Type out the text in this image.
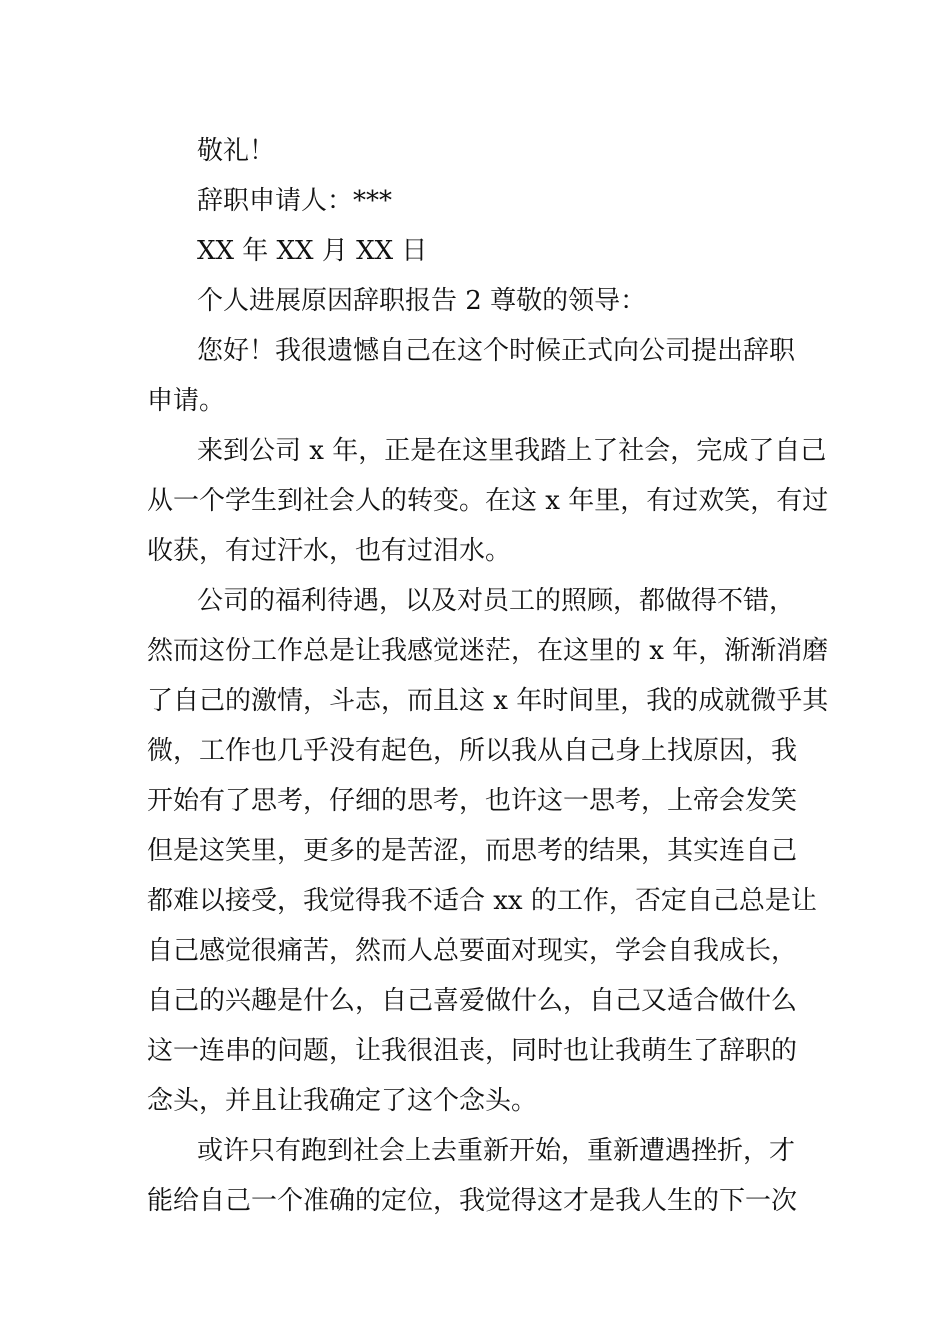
敬礼！
辞职申请人：***
XX 年 XX 月 XX 日
个人进展原因辞职报告 2 尊敬的领导：
您好！我很遗憾自己在这个时候正式向公司提出辞职
申请。
来到公司 x 年，正是在这里我踏上了社会，完成了自己
从一个学生到社会人的转变。在这 x 年里，有过欢笑，有过
收获，有过汗水，也有过泪水。
公司的福利待遇，以及对员工的照顾，都做得不错，
然而这份工作总是让我感觉迷茫，在这里的 x 年，渐渐消磨
了自己的激情，斗志，而且这 x 年时间里，我的成就微乎其
微，工作也几乎没有起色，所以我从自己身上找原因，我
开始有了思考，仔细的思考，也许这一思考，上帝会发笑
但是这笑里，更多的是苦涩，而思考的结果，其实连自己
都难以接受，我觉得我不适合 xx 的工作，否定自己总是让
自己感觉很痛苦，然而人总要面对现实，学会自我成长，
自己的兴趣是什么，自己喜爱做什么，自己又适合做什么
这一连串的问题，让我很沮丧，同时也让我萌生了辞职的
念头，并且让我确定了这个念头。
或许只有跑到社会上去重新开始，重新遭遇挫折，才
能给自己一个准确的定位，我觉得这才是我人生的下一次
